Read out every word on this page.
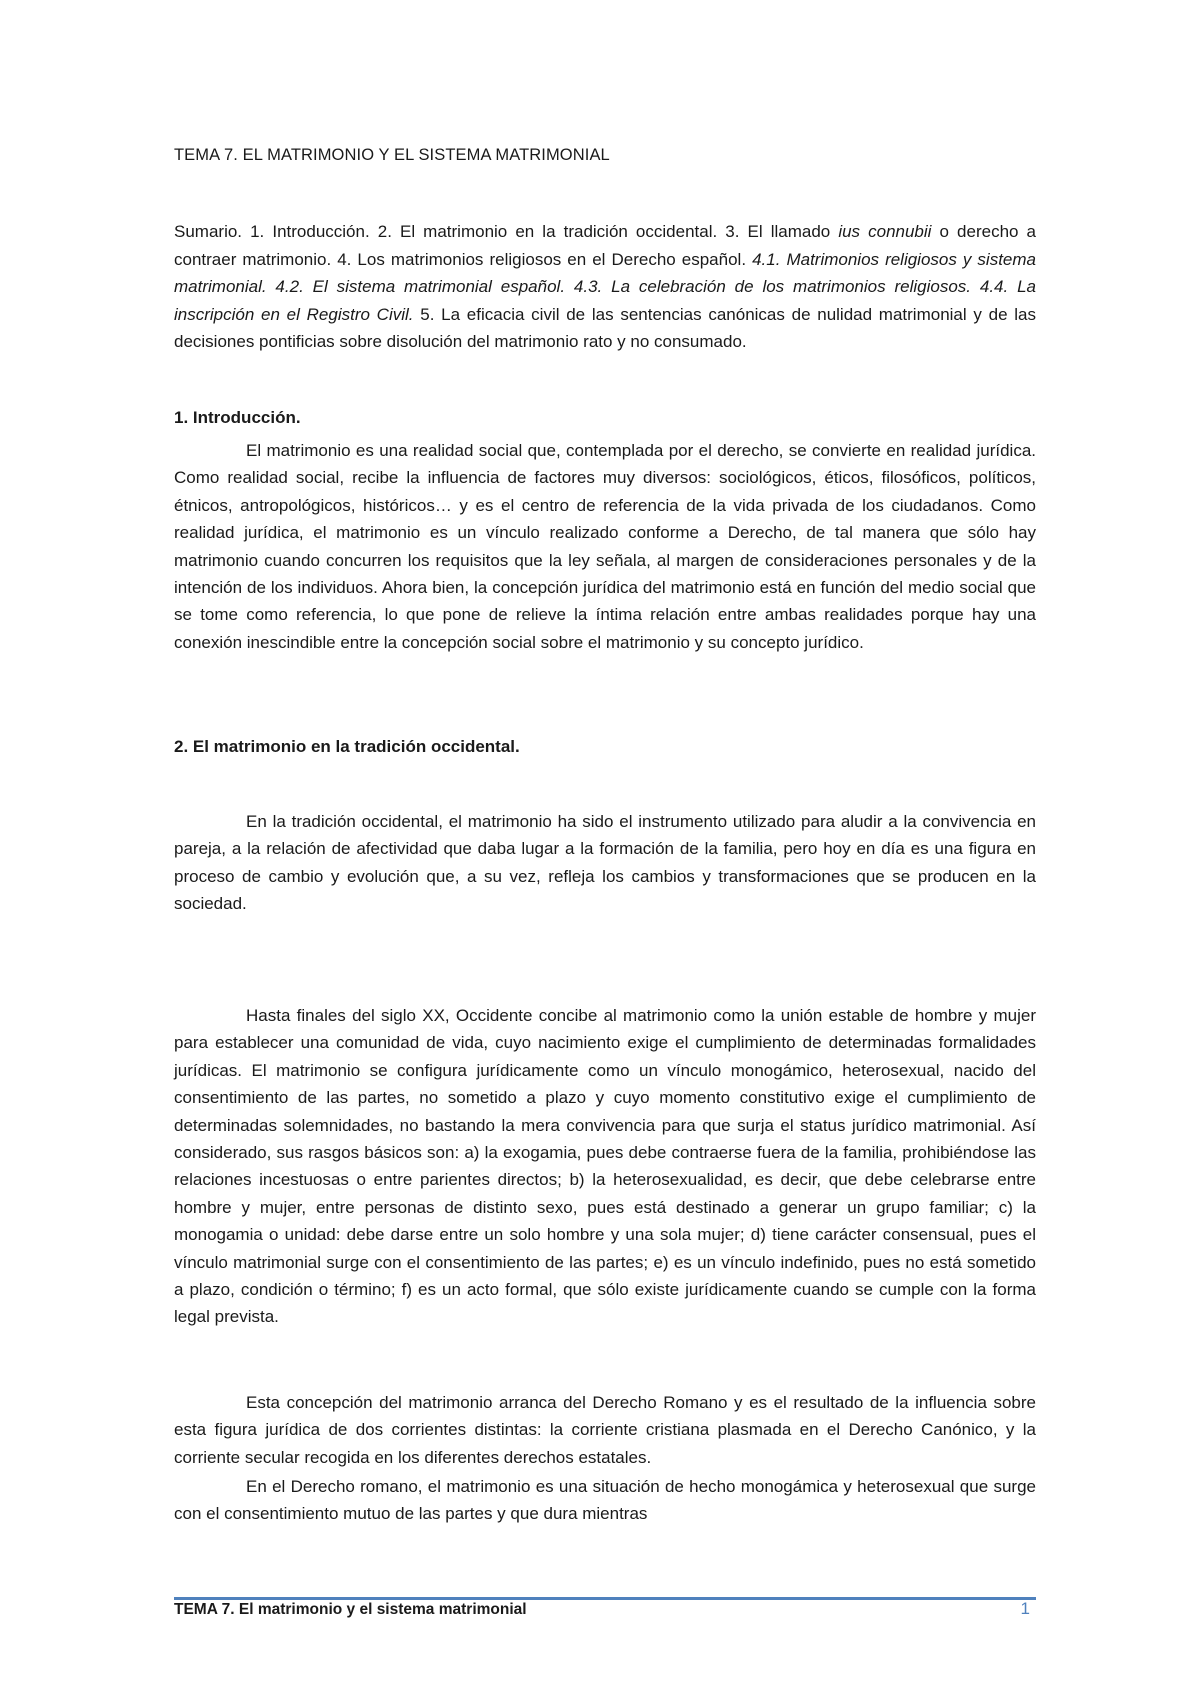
TEMA 7. EL MATRIMONIO Y EL SISTEMA MATRIMONIAL
Sumario. 1. Introducción. 2. El matrimonio en la tradición occidental. 3. El llamado ius connubii o derecho a contraer matrimonio. 4. Los matrimonios religiosos en el Derecho español. 4.1. Matrimonios religiosos y sistema matrimonial. 4.2. El sistema matrimonial español. 4.3. La celebración de los matrimonios religiosos. 4.4. La inscripción en el Registro Civil. 5. La eficacia civil de las sentencias canónicas de nulidad matrimonial y de las decisiones pontificias sobre disolución del matrimonio rato y no consumado.
1. Introducción.

El matrimonio es una realidad social que, contemplada por el derecho, se convierte en realidad jurídica. Como realidad social, recibe la influencia de factores muy diversos: sociológicos, éticos, filosóficos, políticos, étnicos, antropológicos, históricos… y es el centro de referencia de la vida privada de los ciudadanos. Como realidad jurídica, el matrimonio es un vínculo realizado conforme a Derecho, de tal manera que sólo hay matrimonio cuando concurren los requisitos que la ley señala, al margen de consideraciones personales y de la intención de los individuos. Ahora bien, la concepción jurídica del matrimonio está en función del medio social que se tome como referencia, lo que pone de relieve la íntima relación entre ambas realidades porque hay una conexión inescindible entre la concepción social sobre el matrimonio y su concepto jurídico.

2. El matrimonio en la tradición occidental.

En la tradición occidental, el matrimonio ha sido el instrumento utilizado para aludir a la convivencia en pareja, a la relación de afectividad que daba lugar a la formación de la familia, pero hoy en día es una figura en proceso de cambio y evolución que, a su vez, refleja los cambios y transformaciones que se producen en la sociedad.

Hasta finales del siglo XX, Occidente concibe al matrimonio como la unión estable de hombre y mujer para establecer una comunidad de vida, cuyo nacimiento exige el cumplimiento de determinadas formalidades jurídicas. El matrimonio se configura jurídicamente como un vínculo monogámico, heterosexual, nacido del consentimiento de las partes, no sometido a plazo y cuyo momento constitutivo exige el cumplimiento de determinadas solemnidades, no bastando la mera convivencia para que surja el status jurídico matrimonial. Así considerado, sus rasgos básicos son: a) la exogamia, pues debe contraerse fuera de la familia, prohibiéndose las relaciones incestuosas o entre parientes directos; b) la heterosexualidad, es decir, que debe celebrarse entre hombre y mujer, entre personas de distinto sexo, pues está destinado a generar un grupo familiar; c) la monogamia o unidad: debe darse entre un solo hombre y una sola mujer; d) tiene carácter consensual, pues el vínculo matrimonial surge con el consentimiento de las partes; e) es un vínculo indefinido, pues no está sometido a plazo, condición o término; f) es un acto formal, que sólo existe jurídicamente cuando se cumple con la forma legal prevista.

Esta concepción del matrimonio arranca del Derecho Romano y es el resultado de la influencia sobre esta figura jurídica de dos corrientes distintas: la corriente cristiana plasmada en el Derecho Canónico, y la corriente secular recogida en los diferentes derechos estatales.

En el Derecho romano, el matrimonio es una situación de hecho monogámica y heterosexual que surge con el consentimiento mutuo de las partes y que dura mientras

TEMA 7. El matrimonio y el sistema matrimonial	1
